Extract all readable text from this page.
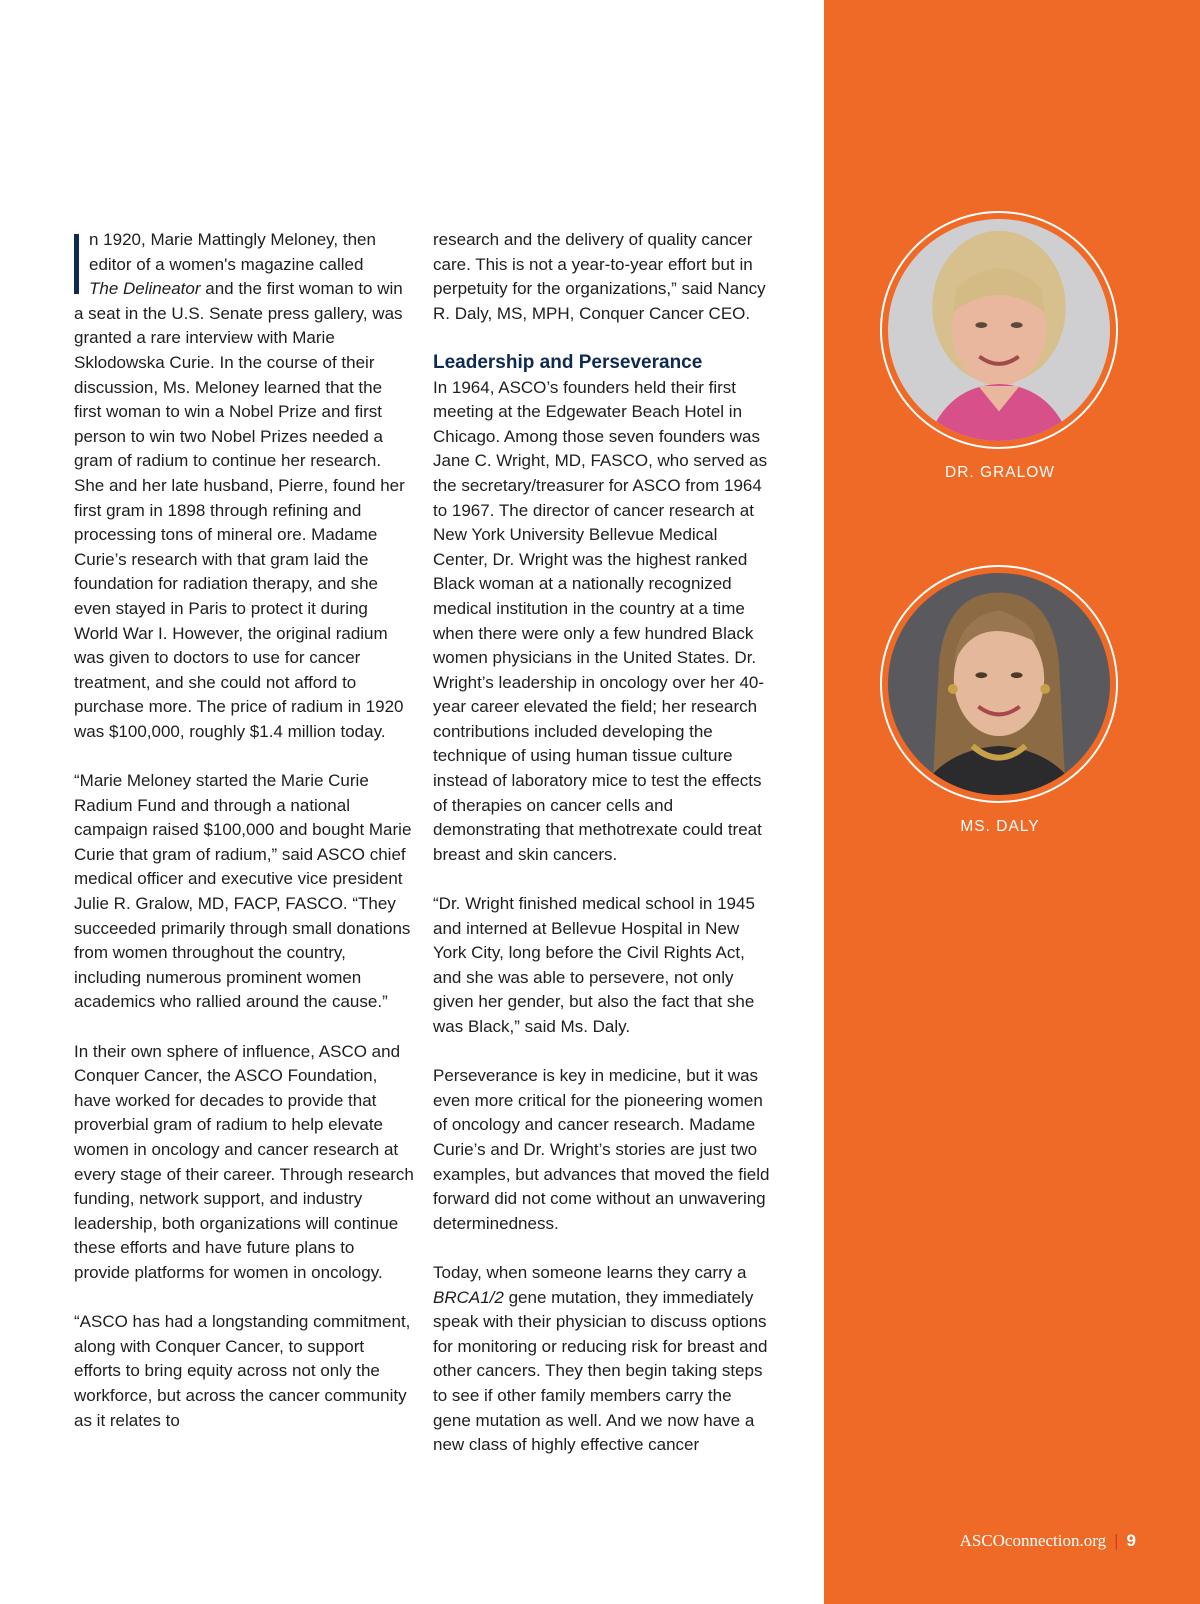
n 1920, Marie Mattingly Meloney, then
editor of a women's magazine called
The Delineator and the first woman to win a seat in the U.S. Senate press gallery, was granted a rare interview with Marie Sklodowska Curie. In the course of their discussion, Ms. Meloney learned that the first woman to win a Nobel Prize and first person to win two Nobel Prizes needed a gram of radium to continue her research. She and her late husband, Pierre, found her first gram in 1898 through refining and processing tons of mineral ore. Madame Curie’s research with that gram laid the foundation for radiation therapy, and she even stayed in Paris to protect it during World War I. However, the original radium was given to doctors to use for cancer treatment, and she could not afford to purchase more. The price of radium in 1920 was $100,000, roughly $1.4 million today.

“Marie Meloney started the Marie Curie Radium Fund and through a national campaign raised $100,000 and bought Marie Curie that gram of radium,” said ASCO chief medical officer and executive vice president Julie R. Gralow, MD, FACP, FASCO. “They succeeded primarily through small donations from women throughout the country, including numerous prominent women academics who rallied around the cause.”

In their own sphere of influence, ASCO and Conquer Cancer, the ASCO Foundation, have worked for decades to provide that proverbial gram of radium to help elevate women in oncology and cancer research at every stage of their career. Through research funding, network support, and industry leadership, both organizations will continue these efforts and have future plans to provide platforms for women in oncology.

“ASCO has had a longstanding commitment, along with Conquer Cancer, to support efforts to bring equity across not only the workforce, but across the cancer community as it relates to

research and the delivery of quality cancer care. This is not a year-to-year effort but in perpetuity for the organizations,” said Nancy R. Daly, MS, MPH, Conquer Cancer CEO.

Leadership and Perseverance

In 1964, ASCO’s founders held their first meeting at the Edgewater Beach Hotel in Chicago. Among those seven founders was Jane C. Wright, MD, FASCO, who served as the secretary/treasurer for ASCO from 1964 to 1967. The director of cancer research at New York University Bellevue Medical Center, Dr. Wright was the highest ranked Black woman at a nationally recognized medical institution in the country at a time when there were only a few hundred Black women physicians in the United States. Dr. Wright’s leadership in oncology over her 40-year career elevated the field; her research contributions included developing the technique of using human tissue culture instead of laboratory mice to test the effects of therapies on cancer cells and demonstrating that methotrexate could treat breast and skin cancers.

“Dr. Wright finished medical school in 1945 and interned at Bellevue Hospital in New York City, long before the Civil Rights Act, and she was able to persevere, not only given her gender, but also the fact that she was Black,” said Ms. Daly.

Perseverance is key in medicine, but it was even more critical for the pioneering women of oncology and cancer research. Madame Curie’s and Dr. Wright’s stories are just two examples, but advances that moved the field forward did not come without an unwavering determinedness.

Today, when someone learns they carry a BRCA1/2 gene mutation, they immediately speak with their physician to discuss options for monitoring or reducing risk for breast and other cancers. They then begin taking steps to see if other family members carry the gene mutation as well. And we now have a new class of highly effective cancer

DR. GRALOW
MS. DALY
ASCOconnection.org | 9
